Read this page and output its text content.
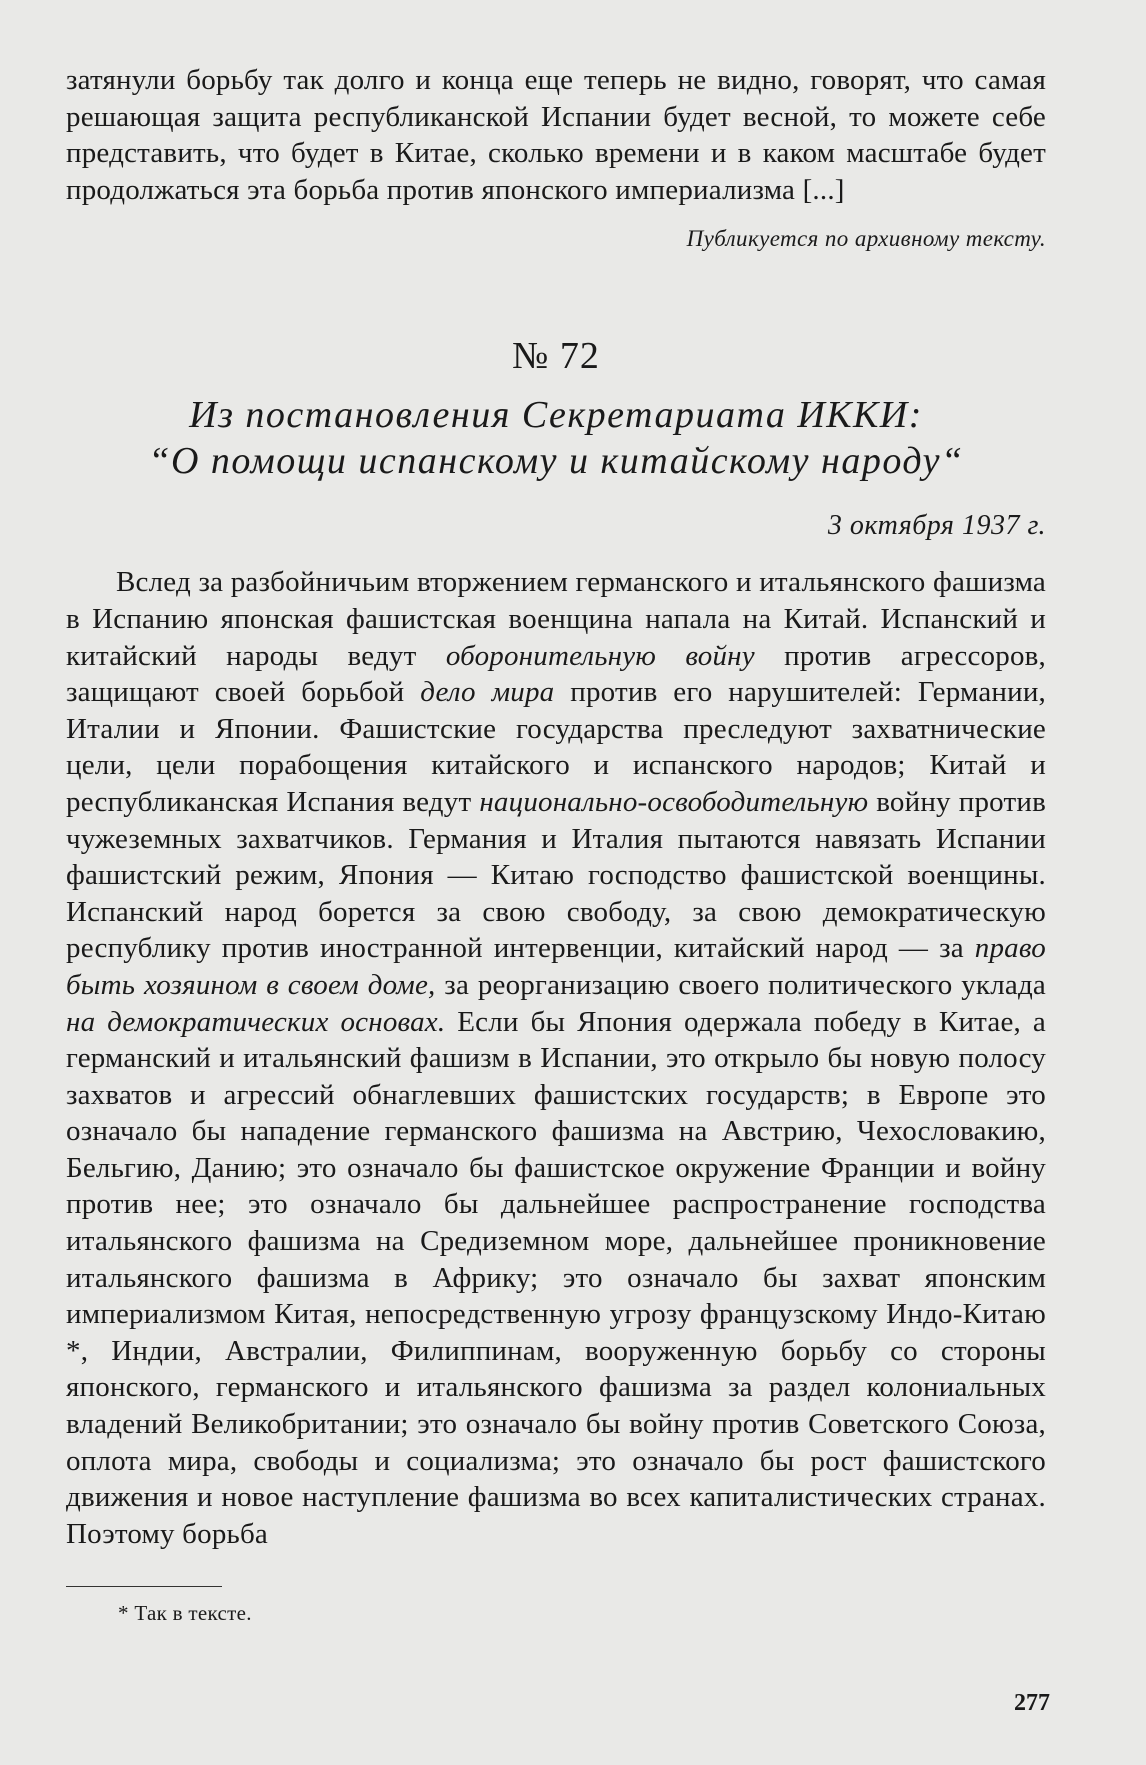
затянули борьбу так долго и конца еще теперь не видно, говорят, что самая решающая защита республиканской Испании будет весной, то можете себе представить, что будет в Китае, сколько времени и в каком масштабе будет продолжаться эта борьба против японского империализма [...]

Публикуется по архивному тексту.
№ 72
Из постановления Секретариата ИККИ:
“О помощи испанскому и китайскому народу“
3 октября 1937 г.

Вслед за разбойничьим вторжением германского и итальянского фашизма в Испанию японская фашистская военщина напала на Китай. Испанский и китайский народы ведут оборонительную войну против агрессоров, защищают своей борьбой дело мира против его нарушителей: Германии, Италии и Японии. Фашистские государства преследуют захватнические цели, цели порабощения китайского и испанского народов; Китай и республиканская Испания ведут национально-освободительную войну против чужеземных захватчиков. Германия и Италия пытаются навязать Испании фашистский режим, Япония — Китаю господство фашистской военщины. Испанский народ борется за свою свободу, за свою демократическую республику против иностранной интервенции, китайский народ — за право быть хозяином в своем доме, за реорганизацию своего политического уклада на демократических основах. Если бы Япония одержала победу в Китае, а германский и итальянский фашизм в Испании, это открыло бы новую полосу захватов и агрессий обнаглевших фашистских государств; в Европе это означало бы нападение германского фашизма на Австрию, Чехословакию, Бельгию, Данию; это означало бы фашистское окружение Франции и войну против нее; это означало бы дальнейшее распространение господства итальянского фашизма на Средиземном море, дальнейшее проникновение итальянского фашизма в Африку; это означало бы захват японским империализмом Китая, непосредственную угрозу французскому Индо-Китаю *, Индии, Австралии, Филиппинам, вооруженную борьбу со стороны японского, германского и итальянского фашизма за раздел колониальных владений Великобритании; это означало бы войну против Советского Союза, оплота мира, свободы и социализма; это означало бы рост фашистского движения и новое наступление фашизма во всех капиталистических странах. Поэтому борьба

* Так в тексте.
277
